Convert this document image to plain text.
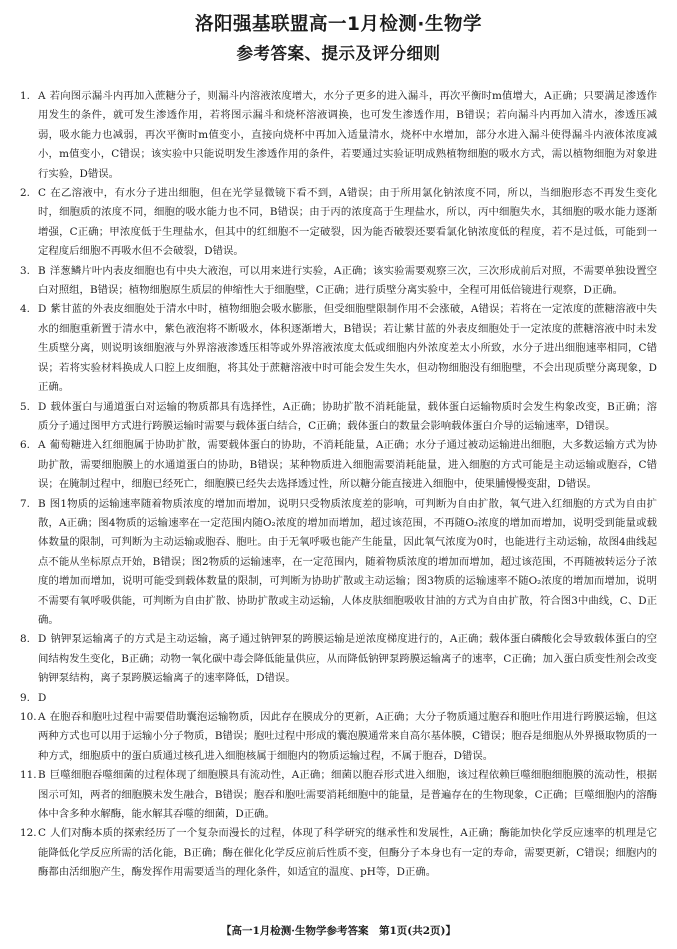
洛阳强基联盟高一1月检测·生物学
参考答案、提示及评分细则

1. A 若向图示漏斗内再加入蔗糖分子，则漏斗内溶液浓度增大，水分子更多的进入漏斗，再次平衡时m值增大，A正确；只要满足渗透作用发生的条件，就可发生渗透作用，若将图示漏斗和烧杯溶液调换，也可发生渗透作用，B错误；若向漏斗内再加入清水，渗透压减弱，吸水能力也减弱，再次平衡时m值变小，直接向烧杯中再加入适量清水，烧杯中水增加，部分水进入漏斗使得漏斗内液体浓度减小，m值变小，C错误；该实验中只能说明发生渗透作用的条件，若要通过实验证明成熟植物细胞的吸水方式，需以植物细胞为对象进行实验，D错误。

2. C 在乙溶液中，有水分子进出细胞，但在光学显微镜下看不到，A错误；由于所用氯化钠浓度不同，所以，当细胞形态不再发生变化时，细胞质的浓度不同，细胞的吸水能力也不同，B错误；由于丙的浓度高于生理盐水，所以，丙中细胞失水，其细胞的吸水能力逐渐增强，C正确；甲浓度低于生理盐水，但其中的红细胞不一定破裂，因为能否破裂还要看氯化钠浓度低的程度，若不是过低，可能到一定程度后细胞不再吸水但不会破裂，D错误。

3. B 洋葱鳞片叶内表皮细胞也有中央大液泡，可以用来进行实验，A正确；该实验需要观察三次，三次形成前后对照，不需要单独设置空白对照组，B错误；植物细胞原生质层的伸缩性大于细胞壁，C正确；进行质壁分离实验中，全程可用低倍镜进行观察，D正确。

4. D 紫甘蓝的外表皮细胞处于清水中时，植物细胞会吸水膨胀，但受细胞壁限制作用不会涨破，A错误；若将在一定浓度的蔗糖溶液中失水的细胞重新置于清水中，紫色液泡将不断吸水，体积逐渐增大，B错误；若让紫甘蓝的外表皮细胞处于一定浓度的蔗糖溶液中时未发生质壁分离，则说明该细胞液与外界溶液渗透压相等或外界溶液浓度太低或细胞内外浓度差太小所致，水分子进出细胞速率相同，C错误；若将实验材料换成人口腔上皮细胞，将其处于蔗糖溶液中时可能会发生失水，但动物细胞没有细胞壁，不会出现质壁分离现象，D正确。

5. D 载体蛋白与通道蛋白对运输的物质都具有选择性，A正确；协助扩散不消耗能量，载体蛋白运输物质时会发生构象改变，B正确；溶质分子通过图甲方式进行跨膜运输时需要与载体蛋白结合，C正确；载体蛋白的数量会影响载体蛋白介导的运输速率，D错误。

6. A 葡萄糖进入红细胞属于协助扩散，需要载体蛋白的协助，不消耗能量，A正确；水分子通过被动运输进出细胞，大多数运输方式为协助扩散，需要细胞膜上的水通道蛋白的协助，B错误；某种物质进入细胞需要消耗能量，进入细胞的方式可能是主动运输或胞吞，C错误；在腌制过程中，细胞已经死亡，细胞膜已经失去选择透过性，所以糖分能直接进入细胞中，使果脯慢慢变甜，D错误。

7. B 图1物质的运输速率随着物质浓度的增加而增加，说明只受物质浓度差的影响，可判断为自由扩散，氧气进入红细胞的方式为自由扩散，A正确；图4物质的运输速率在一定范围内随O₂浓度的增加而增加，超过该范围，不再随O₂浓度的增加而增加，说明受到能量或载体数量的限制，可判断为主动运输或胞吞、胞吐。由于无氧呼吸也能产生能量，因此氧气浓度为0时，也能进行主动运输，故图4曲线起点不能从坐标原点开始，B错误；图2物质的运输速率，在一定范围内，随着物质浓度的增加而增加，超过该范围，不再随被转运分子浓度的增加而增加，说明可能受到载体数量的限制，可判断为协助扩散或主动运输；图3物质的运输速率不随O₂浓度的增加而增加，说明不需要有氧呼吸供能，可判断为自由扩散、协助扩散或主动运输，人体皮肤细胞吸收甘油的方式为自由扩散，符合图3中曲线，C、D正确。

8. D 钠钾泵运输离子的方式是主动运输，离子通过钠钾泵的跨膜运输是逆浓度梯度进行的，A正确；载体蛋白磷酸化会导致载体蛋白的空间结构发生变化，B正确；动物一氧化碳中毒会降低能量供应，从而降低钠钾泵跨膜运输离子的速率，C正确；加入蛋白质变性剂会改变钠钾泵结构，离子泵跨膜运输离子的速率降低，D错误。

9. D

10. A 在胞吞和胞吐过程中需要借助囊泡运输物质，因此存在膜成分的更新，A正确；大分子物质通过胞吞和胞吐作用进行跨膜运输，但这两种方式也可以用于运输小分子物质，B错误；胞吐过程中形成的囊泡膜通常来自高尔基体膜，C错误；胞吞是细胞从外界摄取物质的一种方式，细胞质中的蛋白质通过核孔进入细胞核属于细胞内的物质运输过程，不属于胞吞，D错误。

11. B 巨噬细胞吞噬细菌的过程体现了细胞膜具有流动性，A正确；细菌以胞吞形式进入细胞，该过程依赖巨噬细胞细胞膜的流动性，根据图示可知，两者的细胞膜未发生融合，B错误；胞吞和胞吐需要消耗细胞中的能量，是普遍存在的生物现象，C正确；巨噬细胞内的溶酶体中含多种水解酶，能水解其吞噬的细菌，D正确。

12. C 人们对酶本质的探索经历了一个复杂而漫长的过程，体现了科学研究的继承性和发展性，A正确；酶能加快化学反应速率的机理是它能降低化学反应所需的活化能，B正确；酶在催化化学反应前后性质不变，但酶分子本身也有一定的寿命，需要更新，C错误；细胞内的酶都由活细胞产生，酶发挥作用需要适当的理化条件，如适宜的温度、pH等，D正确。

【高一1月检测·生物学参考答案　第1页(共2页)】
